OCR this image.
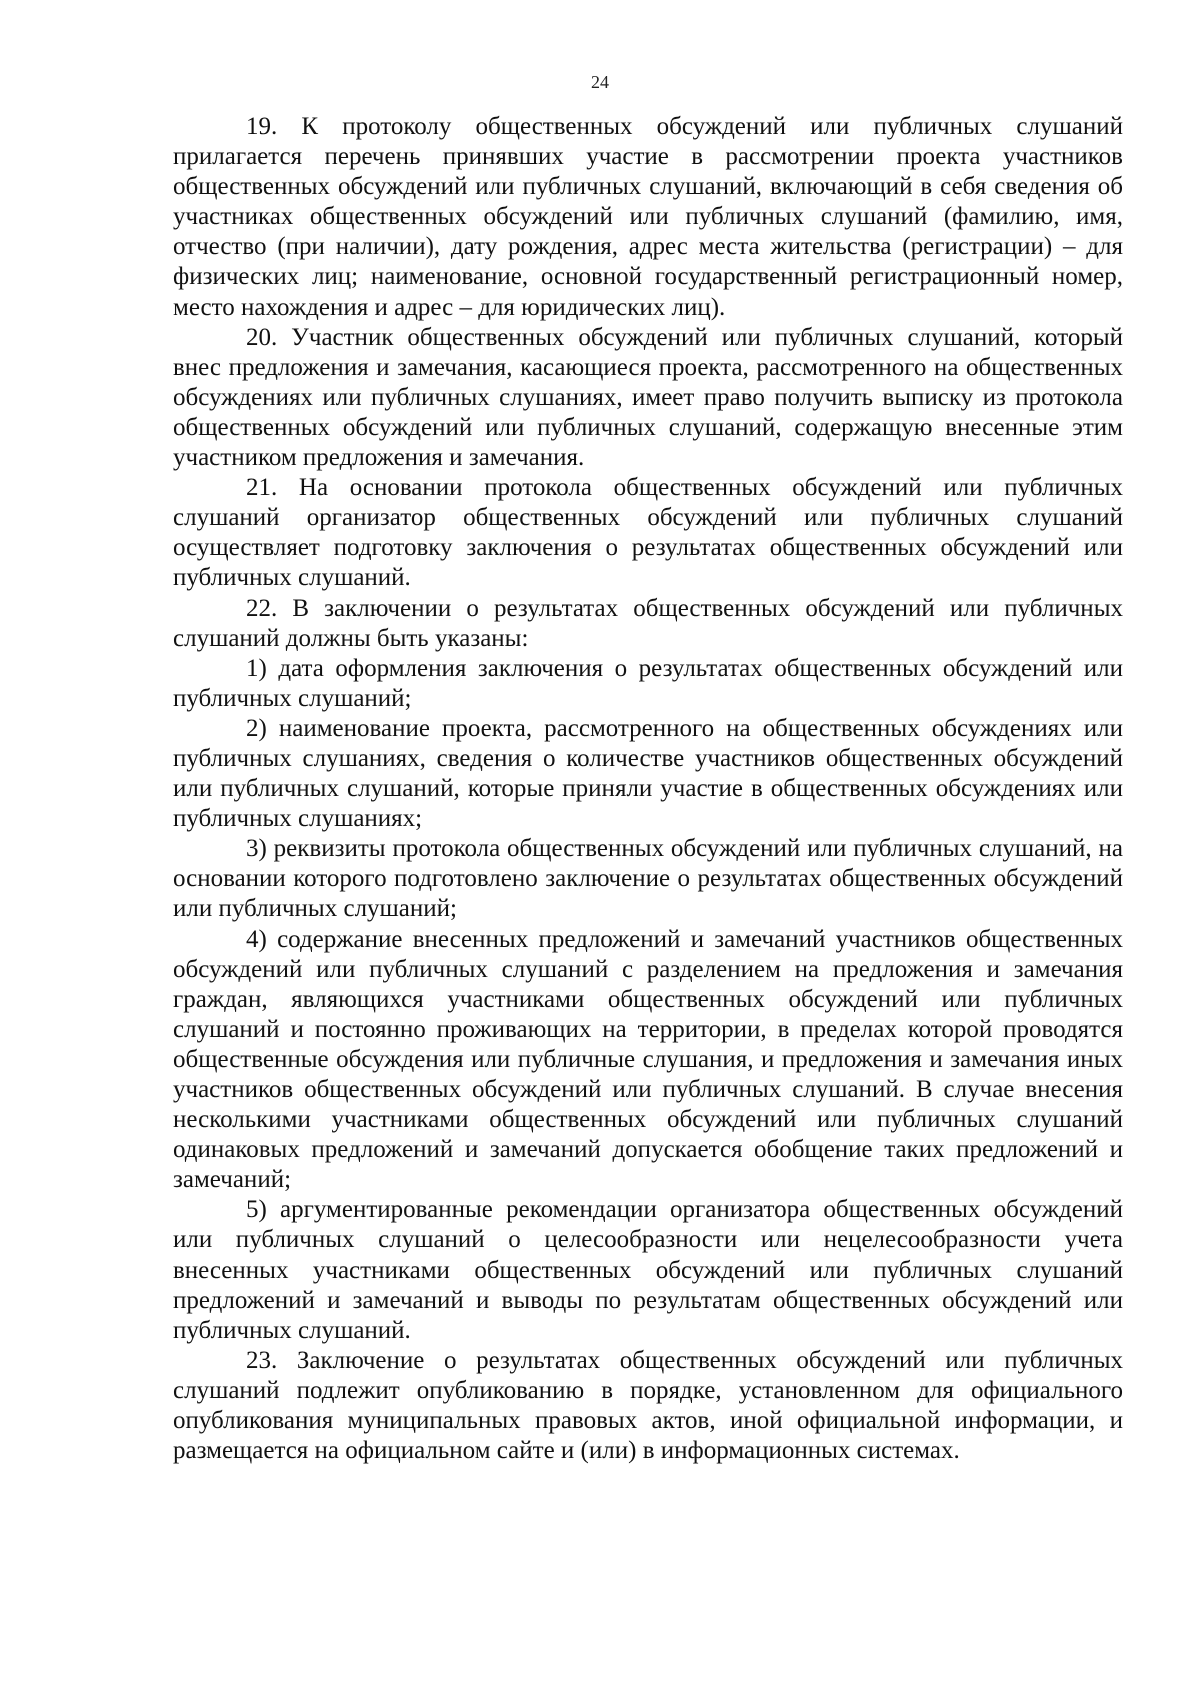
24

19. К протоколу общественных обсуждений или публичных слушаний прилагается перечень принявших участие в рассмотрении проекта участников общественных обсуждений или публичных слушаний, включающий в себя сведения об участниках общественных обсуждений или публичных слушаний (фамилию, имя, отчество (при наличии), дату рождения, адрес места жительства (регистрации) – для физических лиц; наименование, основной государственный регистрационный номер, место нахождения и адрес – для юридических лиц).

20. Участник общественных обсуждений или публичных слушаний, который внес предложения и замечания, касающиеся проекта, рассмотренного на общественных обсуждениях или публичных слушаниях, имеет право получить выписку из протокола общественных обсуждений или публичных слушаний, содержащую внесенные этим участником предложения и замечания.

21. На основании протокола общественных обсуждений или публичных слушаний организатор общественных обсуждений или публичных слушаний осуществляет подготовку заключения о результатах общественных обсуждений или публичных слушаний.

22. В заключении о результатах общественных обсуждений или публичных слушаний должны быть указаны:

1) дата оформления заключения о результатах общественных обсуждений или публичных слушаний;

2) наименование проекта, рассмотренного на общественных обсуждениях или публичных слушаниях, сведения о количестве участников общественных обсуждений или публичных слушаний, которые приняли участие в общественных обсуждениях или публичных слушаниях;

3) реквизиты протокола общественных обсуждений или публичных слушаний, на основании которого подготовлено заключение о результатах общественных обсуждений или публичных слушаний;

4) содержание внесенных предложений и замечаний участников общественных обсуждений или публичных слушаний с разделением на предложения и замечания граждан, являющихся участниками общественных обсуждений или публичных слушаний и постоянно проживающих на территории, в пределах которой проводятся общественные обсуждения или публичные слушания, и предложения и замечания иных участников общественных обсуждений или публичных слушаний. В случае внесения несколькими участниками общественных обсуждений или публичных слушаний одинаковых предложений и замечаний допускается обобщение таких предложений и замечаний;

5) аргументированные рекомендации организатора общественных обсуждений или публичных слушаний о целесообразности или нецелесообразности учета внесенных участниками общественных обсуждений или публичных слушаний предложений и замечаний и выводы по результатам общественных обсуждений или публичных слушаний.

23. Заключение о результатах общественных обсуждений или публичных слушаний подлежит опубликованию в порядке, установленном для официального опубликования муниципальных правовых актов, иной официальной информации, и размещается на официальном сайте и (или) в информационных системах.
